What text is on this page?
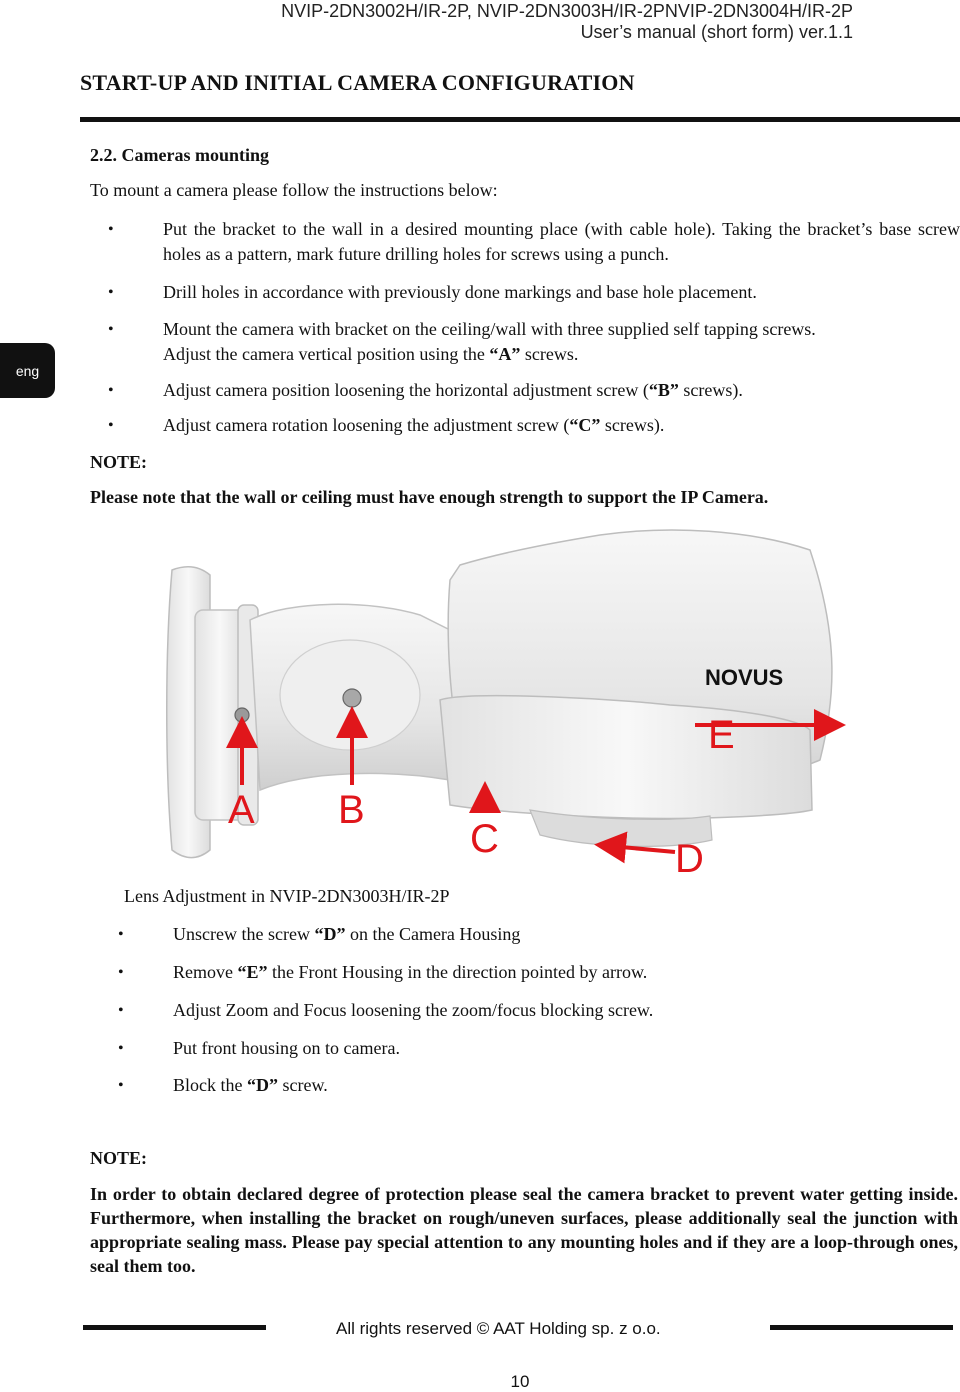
NVIP-2DN3002H/IR-2P, NVIP-2DN3003H/IR-2PNVIP-2DN3004H/IR-2P
User’s manual (short form) ver.1.1
START-UP AND INITIAL CAMERA CONFIGURATION
eng
2.2. Cameras mounting
To mount a camera please follow the instructions below:
•	Put the bracket to the wall in a desired mounting place (with cable hole). Taking the bracket’s base screw holes as a pattern, mark future drilling holes for screws using a punch.
•	Drill holes in accordance with previously done markings and base hole placement.
•	Mount the camera with bracket on the ceiling/wall with three supplied self tapping screws.
Adjust the camera vertical position using the “A” screws.
•	Adjust camera position loosening the horizontal adjustment screw (“B” screws).
•	Adjust camera rotation loosening the adjustment screw (“C” screws).
NOTE:
Please note that the wall or ceiling must have enough strength to support the IP Camera.
NOVUS
A B
C	D
E
Lens Adjustment in NVIP-2DN3003H/IR-2P
•	Unscrew the screw “D” on the Camera Housing
•	Remove “E” the Front Housing in the direction pointed by arrow.
•	Adjust Zoom and Focus loosening the zoom/focus blocking screw.
•	Put front housing on to camera.
•	Block the “D” screw.
NOTE:
In order to obtain declared degree of protection please seal the camera bracket to prevent water getting inside. Furthermore, when installing the bracket on rough/uneven surfaces, please additionally seal the junction with appropriate sealing mass. Please pay special attention to any mounting holes and if they are a loop-through ones, seal them too.
All rights reserved © AAT Holding sp. z o.o.
10
